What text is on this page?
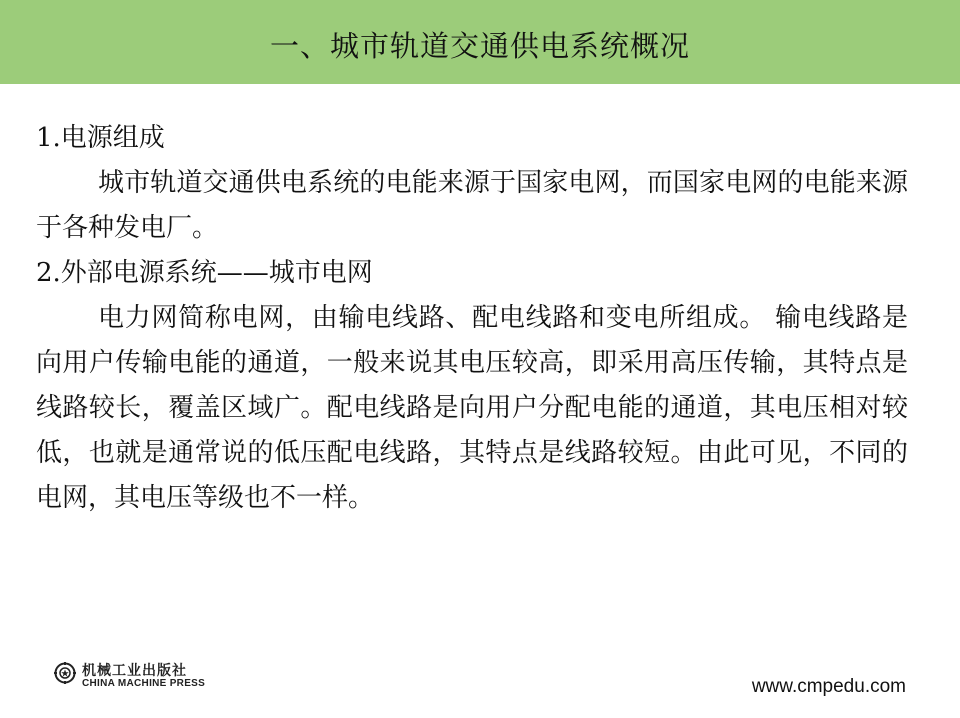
一、城市轨道交通供电系统概况

1.电源组成

城市轨道交通供电系统的电能来源于国家电网，而国家电网的电能来源于各种发电厂。

2.外部电源系统——城市电网

电力网简称电网，由输电线路、配电线路和变电所组成。 输电线路是向用户传输电能的通道，一般来说其电压较高，即采用高压传输，其特点是线路较长，覆盖区域广。配电线路是向用户分配电能的通道，其电压相对较低，也就是通常说的低压配电线路，其特点是线路较短。由此可见，不同的电网，其电压等级也不一样。

机械工业出版社
CHINA MACHINE PRESS	www.cmpedu.com
